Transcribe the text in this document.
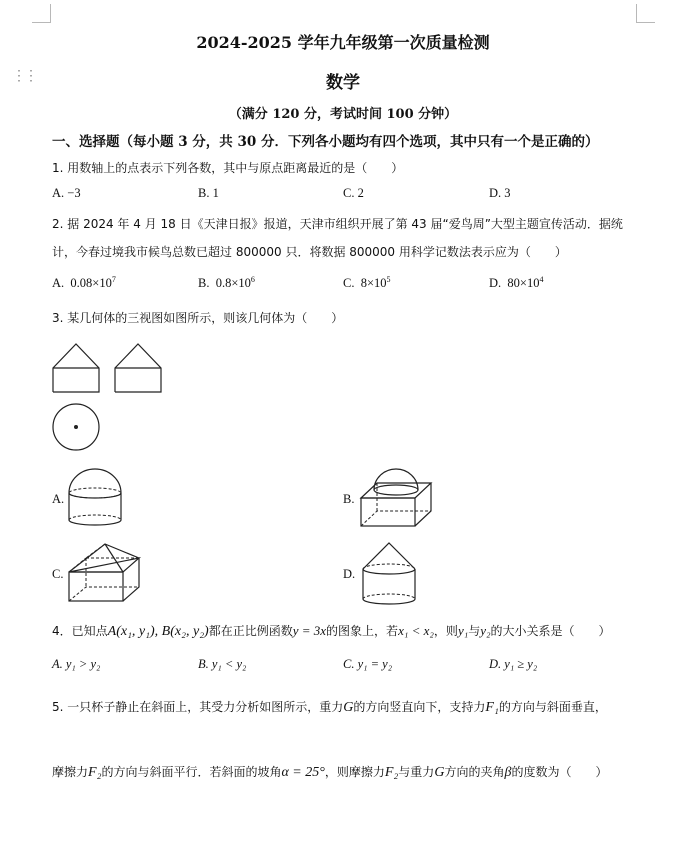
⋮⋮
2024-2025 学年九年级第一次质量检测
数学
（满分 120 分，考试时间 100 分钟）
一、选择题（每小题 3 分，共 30 分．下列各小题均有四个选项，其中只有一个是正确的）
1. 用数轴上的点表示下列各数，其中与原点距离最近的是（　　）
A. −3	B. 1	C. 2	D. 3
2. 据 2024 年 4 月 18 日《天津日报》报道，天津市组织开展了第 43 届“爱鸟周”大型主题宣传活动．据统
计，今春过境我市候鸟总数已超过 800000 只．将数据 800000 用科学记数法表示应为（　　）
A. $0.08\times 10^7$	B. $0.8\times 10^6$	C. $8\times 10^5$	D. $80\times 10^4$
3. 某几何体的三视图如图所示，则该几何体为（　　）
A.	B.
C.	D.
4．已知点A(x₁, y₁), B(x₂, y₂)都在正比例函数y = 3x的图象上，若x₁ < x₂，则y₁与y₂的大小关系是（　　）
A. y₁ > y₂	B. y₁ < y₂	C. y₁ = y₂	D. y₁ ≥ y₂
5. 一只杯子静止在斜面上，其受力分析如图所示，重力G的方向竖直向下，支持力F₁的方向与斜面垂直，
摩擦力F₂的方向与斜面平行．若斜面的坡角α = 25°，则摩擦力F₂与重力G方向的夹角β的度数为（　　）
